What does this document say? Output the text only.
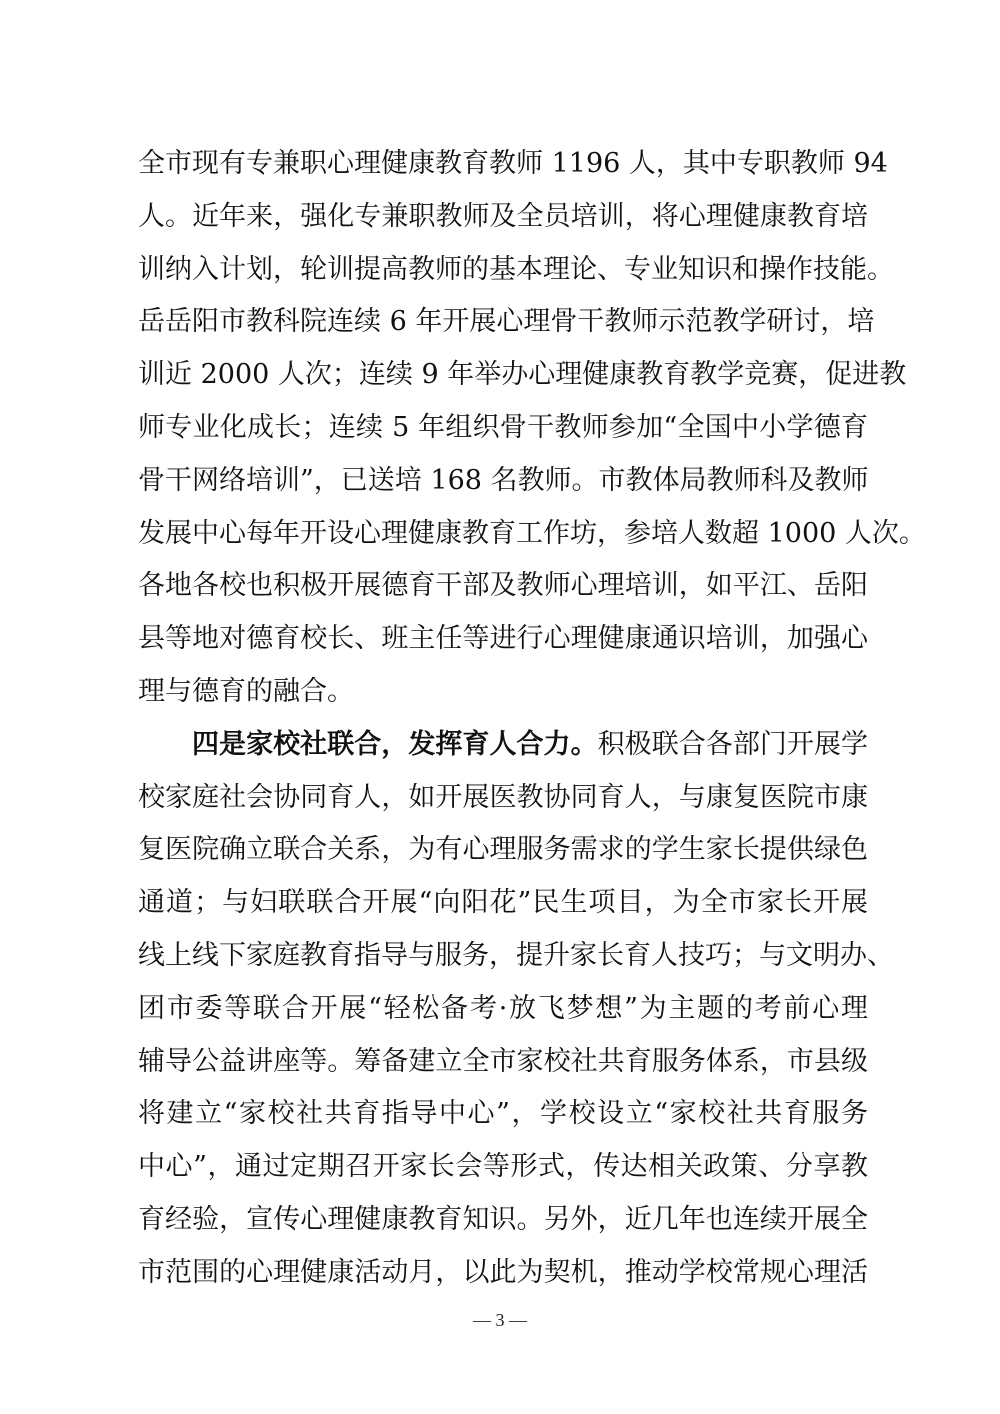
全市现有专兼职心理健康教育教师 1196 人，其中专职教师 94
人。近年来，强化专兼职教师及全员培训，将心理健康教育培
训纳入计划，轮训提高教师的基本理论、专业知识和操作技能。
岳岳阳市教科院连续 6 年开展心理骨干教师示范教学研讨，培
训近 2000 人次；连续 9 年举办心理健康教育教学竞赛，促进教
师专业化成长；连续 5 年组织骨干教师参加“全国中小学德育
骨干网络培训”，已送培 168 名教师。市教体局教师科及教师
发展中心每年开设心理健康教育工作坊，参培人数超 1000 人次。
各地各校也积极开展德育干部及教师心理培训，如平江、岳阳
县等地对德育校长、班主任等进行心理健康通识培训，加强心
理与德育的融合。
四是家校社联合，发挥育人合力。积极联合各部门开展学
校家庭社会协同育人，如开展医教协同育人，与康复医院市康
复医院确立联合关系，为有心理服务需求的学生家长提供绿色
通道；与妇联联合开展“向阳花”民生项目，为全市家长开展
线上线下家庭教育指导与服务，提升家长育人技巧；与文明办、
团市委等联合开展“轻松备考·放飞梦想”为主题的考前心理
辅导公益讲座等。筹备建立全市家校社共育服务体系，市县级
将建立“家校社共育指导中心”，学校设立“家校社共育服务
中心”，通过定期召开家长会等形式，传达相关政策、分享教
育经验，宣传心理健康教育知识。另外，近几年也连续开展全
市范围的心理健康活动月，以此为契机，推动学校常规心理活
— 3 —
